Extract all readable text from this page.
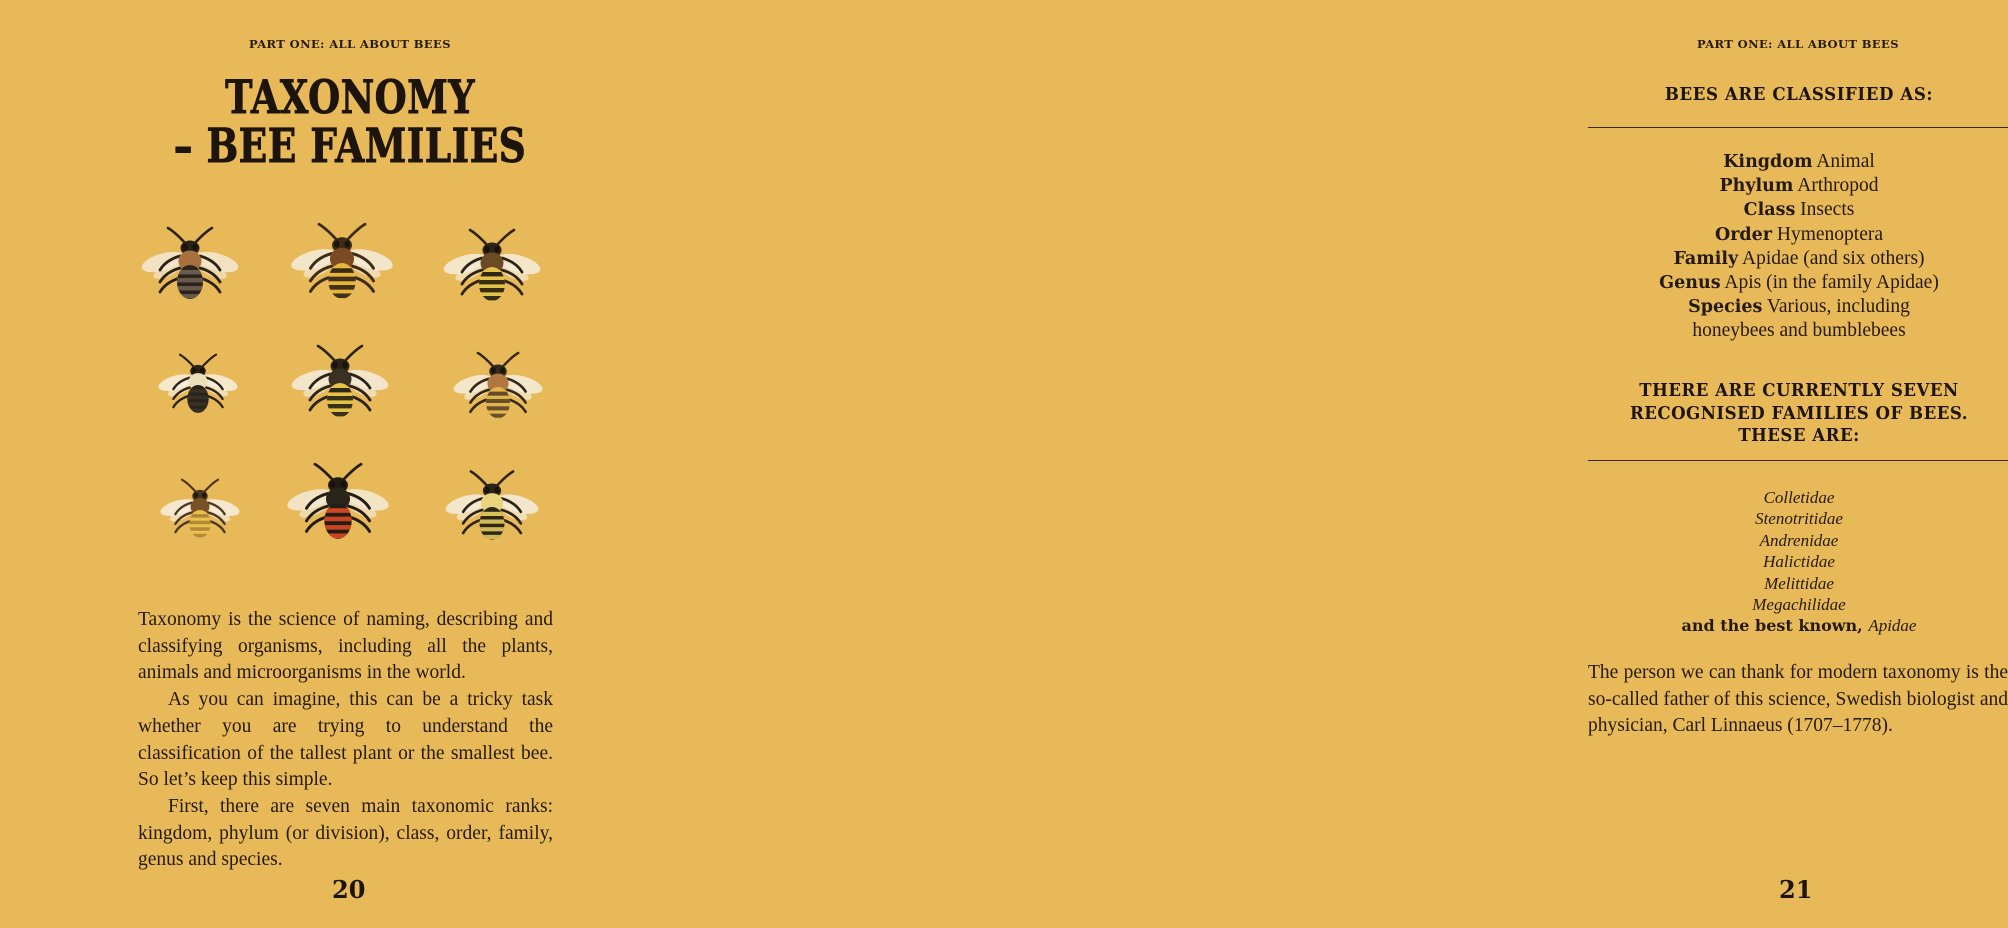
PART ONE: ALL ABOUT BEES
TAXONOMY
– BEE FAMILIES

Taxonomy is the science of naming, describing and classifying organisms, including all the plants, animals and microorganisms in the world.

As you can imagine, this can be a tricky task whether you are trying to understand the classification of the tallest plant or the smallest bee. So let’s keep this simple.

First, there are seven main taxonomic ranks: kingdom, phylum (or division), class, order, family, genus and species.

20
PART ONE: ALL ABOUT BEES
BEES ARE CLASSIFIED AS:
Kingdom Animal
Phylum Arthropod
Class Insects
Order Hymenoptera
Family Apidae (and six others)
Genus Apis (in the family Apidae)
Species Various, including
honeybees and bumblebees
THERE ARE CURRENTLY SEVEN
RECOGNISED FAMILIES OF BEES.
THESE ARE:
Colletidae
Stenotritidae
Andrenidae
Halictidae
Melittidae
Megachilidae
and the best known, Apidae

The person we can thank for modern taxonomy is the so-called father of this science, Swedish biologist and physician, Carl Linnaeus (1707–1778).

21
